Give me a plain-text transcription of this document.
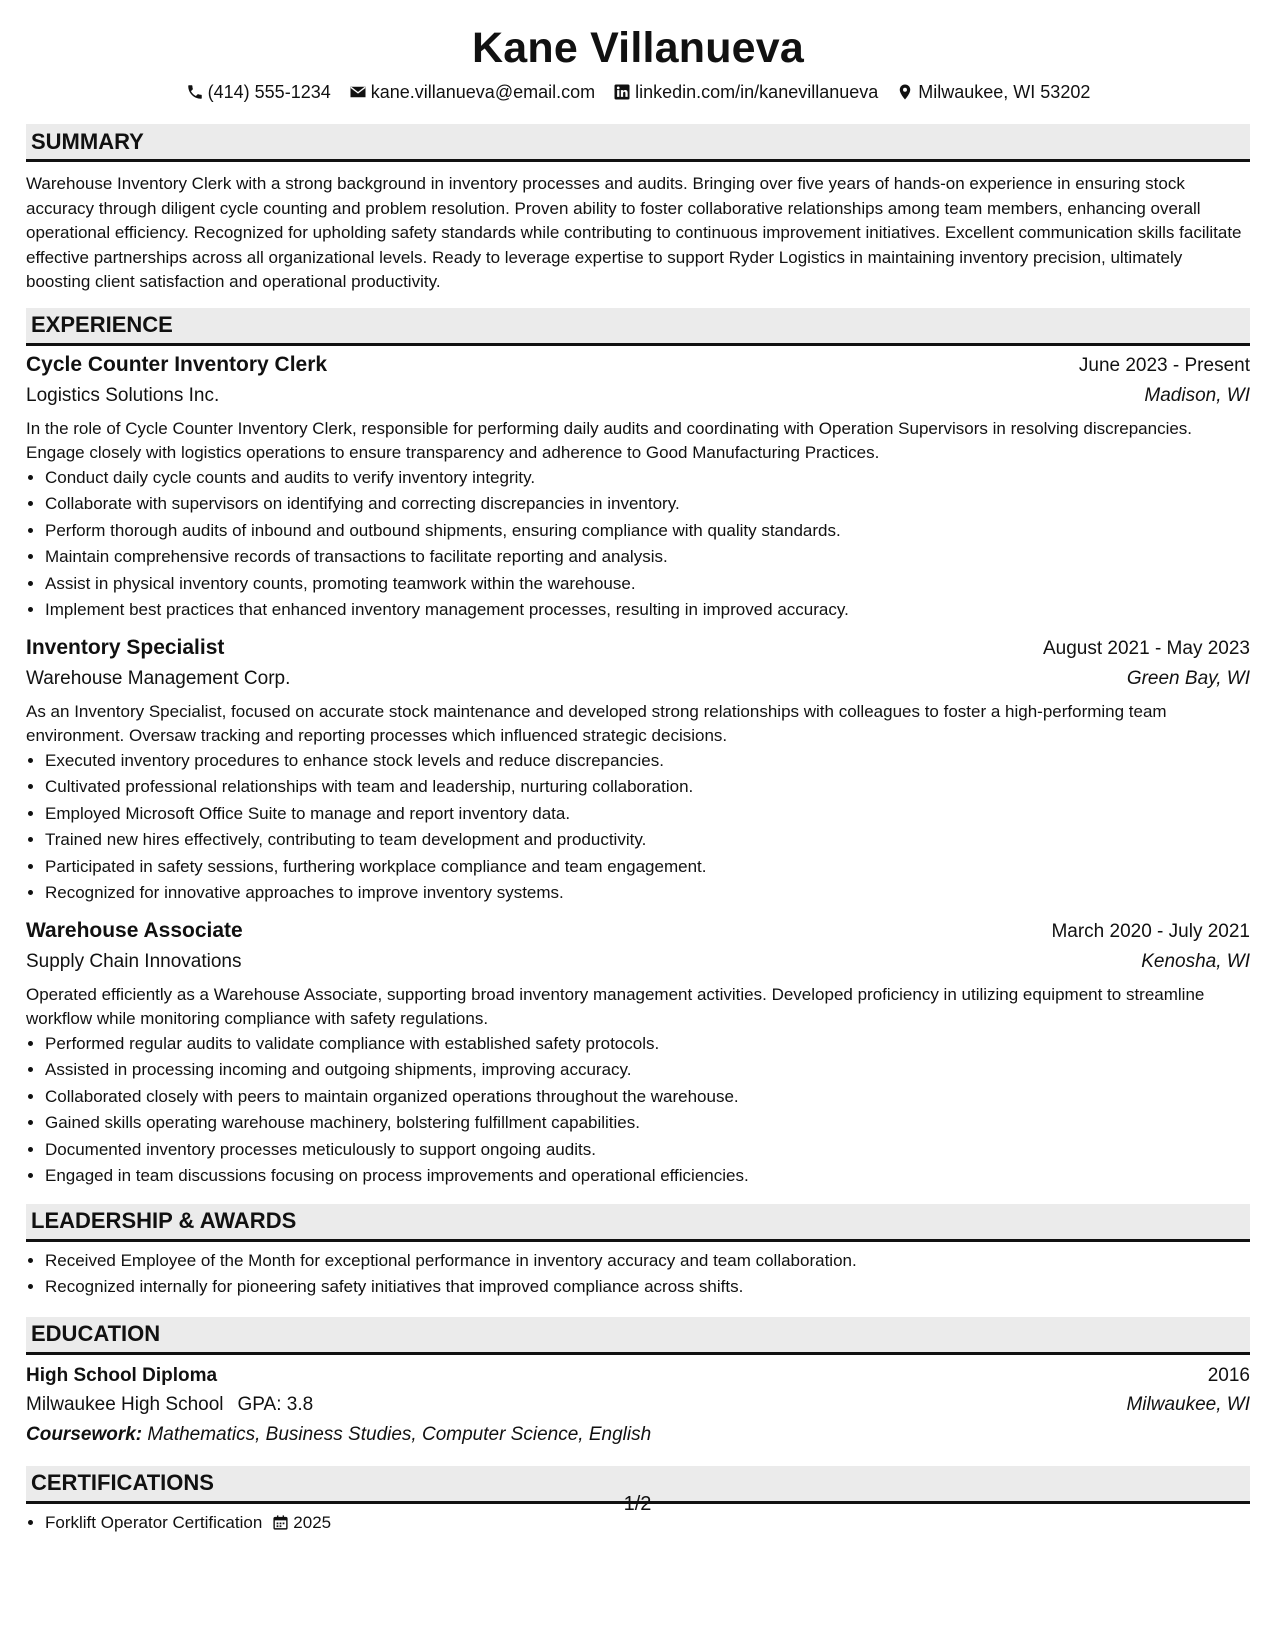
Kane Villanueva
(414) 555-1234 kane.villanueva@email.com linkedin.com/in/kanevillanueva Milwaukee, WI 53202
SUMMARY

Warehouse Inventory Clerk with a strong background in inventory processes and audits. Bringing over five years of hands-on experience in ensuring stock accuracy through diligent cycle counting and problem resolution. Proven ability to foster collaborative relationships among team members, enhancing overall operational efficiency. Recognized for upholding safety standards while contributing to continuous improvement initiatives. Excellent communication skills facilitate effective partnerships across all organizational levels. Ready to leverage expertise to support Ryder Logistics in maintaining inventory precision, ultimately boosting client satisfaction and operational productivity.

EXPERIENCE
Cycle Counter Inventory Clerk	June 2023 - Present
Logistics Solutions Inc.	Madison, WI

In the role of Cycle Counter Inventory Clerk, responsible for performing daily audits and coordinating with Operation Supervisors in resolving discrepancies. Engage closely with logistics operations to ensure transparency and adherence to Good Manufacturing Practices.

• Conduct daily cycle counts and audits to verify inventory integrity.
• Collaborate with supervisors on identifying and correcting discrepancies in inventory.
• Perform thorough audits of inbound and outbound shipments, ensuring compliance with quality standards.
• Maintain comprehensive records of transactions to facilitate reporting and analysis.
• Assist in physical inventory counts, promoting teamwork within the warehouse.
• Implement best practices that enhanced inventory management processes, resulting in improved accuracy.
Inventory Specialist	August 2021 - May 2023
Warehouse Management Corp.	Green Bay, WI

As an Inventory Specialist, focused on accurate stock maintenance and developed strong relationships with colleagues to foster a high-performing team environment. Oversaw tracking and reporting processes which influenced strategic decisions.

• Executed inventory procedures to enhance stock levels and reduce discrepancies.
• Cultivated professional relationships with team and leadership, nurturing collaboration.
• Employed Microsoft Office Suite to manage and report inventory data.
• Trained new hires effectively, contributing to team development and productivity.
• Participated in safety sessions, furthering workplace compliance and team engagement.
• Recognized for innovative approaches to improve inventory systems.
Warehouse Associate	March 2020 - July 2021
Supply Chain Innovations	Kenosha, WI

Operated efficiently as a Warehouse Associate, supporting broad inventory management activities. Developed proficiency in utilizing equipment to streamline workflow while monitoring compliance with safety regulations.

• Performed regular audits to validate compliance with established safety protocols.
• Assisted in processing incoming and outgoing shipments, improving accuracy.
• Collaborated closely with peers to maintain organized operations throughout the warehouse.
• Gained skills operating warehouse machinery, bolstering fulfillment capabilities.
• Documented inventory processes meticulously to support ongoing audits.
• Engaged in team discussions focusing on process improvements and operational efficiencies.
LEADERSHIP & AWARDS
• Received Employee of the Month for exceptional performance in inventory accuracy and team collaboration.
• Recognized internally for pioneering safety initiatives that improved compliance across shifts.
EDUCATION
High School Diploma	2016
Milwaukee High School GPA: 3.8	Milwaukee, WI
Coursework: Mathematics, Business Studies, Computer Science, English
CERTIFICATIONS
• Forklift Operator Certification 2025
1/2
